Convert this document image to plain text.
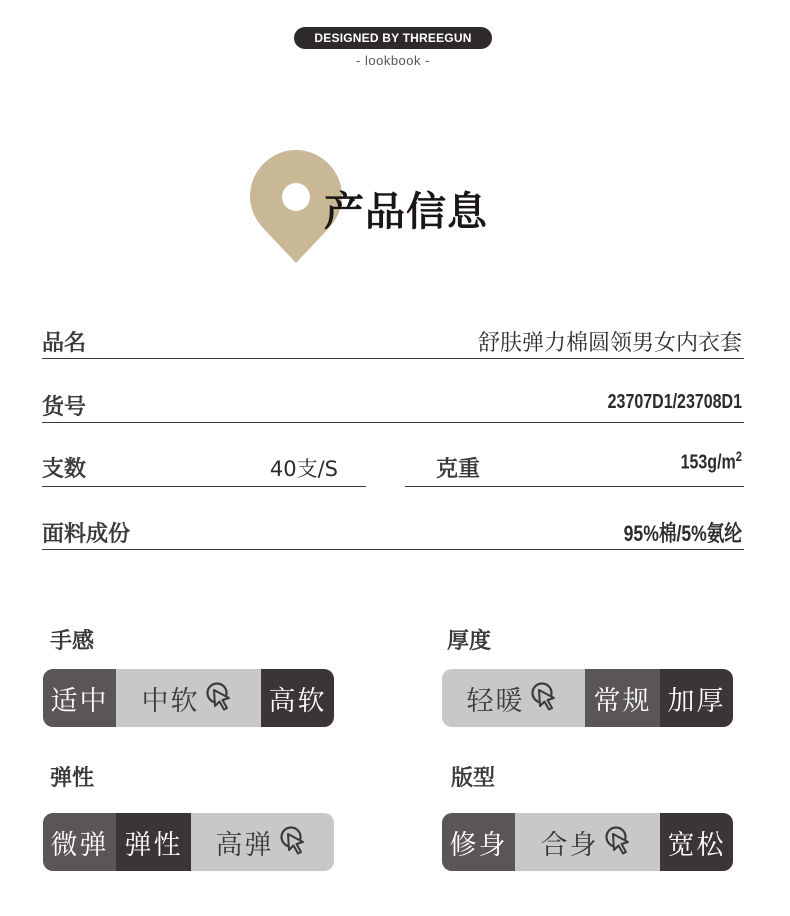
DESIGNED BY THREEGUN
- lookbook -
产品信息
品名	舒肤弹力棉圆领男女内衣套
货号	23707D1/23708D1
支数	40支/S	克重	$153g/m^2$
面料成份	95%棉/5%氨纶
手感
适中 中软	高软
厚度
轻暖	常规 加厚
弹性
微弹 弹性	高弹
版型
修身 合身	宽松
